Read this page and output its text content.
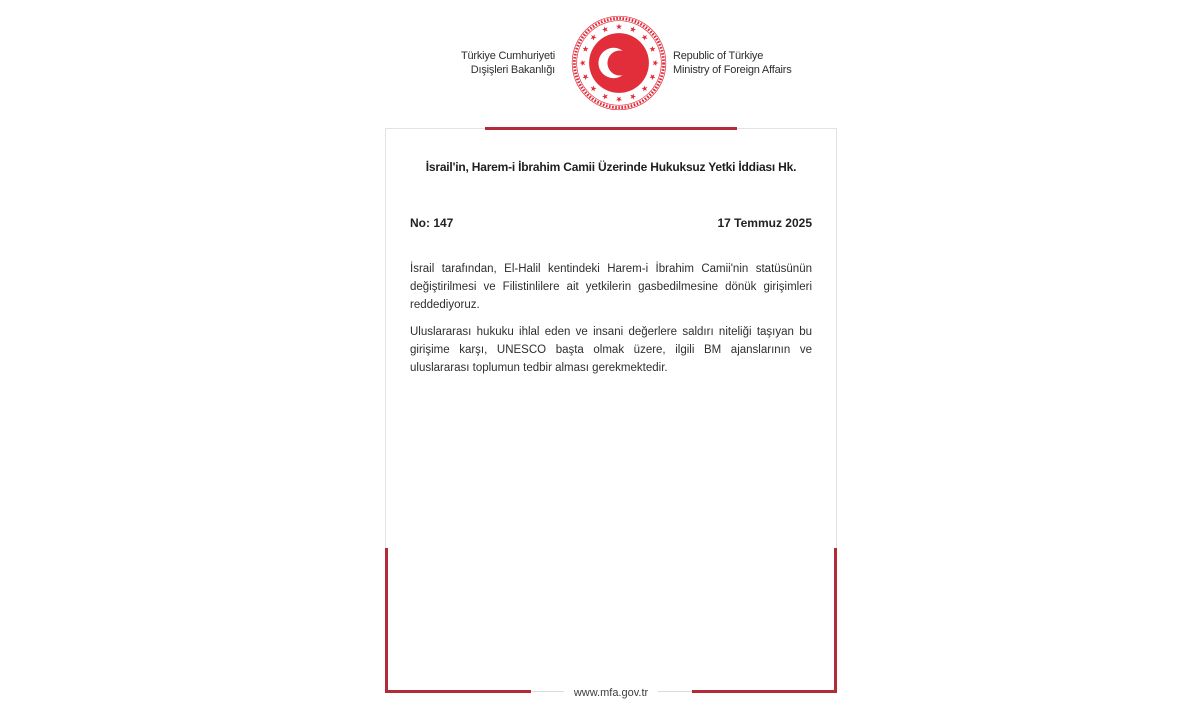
Türkiye Cumhuriyeti
Dışişleri Bakanlığı
Republic of Türkiye
Ministry of Foreign Affairs
İsrail'in, Harem-i İbrahim Camii Üzerinde Hukuksuz Yetki İddiası Hk.
No: 147	17 Temmuz 2025

İsrail tarafından, El-Halil kentindeki Harem-i İbrahim Camii'nin statüsünün değiştirilmesi ve Filistinlilere ait yetkilerin gasbedilmesine dönük girişimleri reddediyoruz.

Uluslararası hukuku ihlal eden ve insani değerlere saldırı niteliği taşıyan bu girişime karşı, UNESCO başta olmak üzere, ilgili BM ajanslarının ve uluslararası toplumun tedbir alması gerekmektedir.

www.mfa.gov.tr
